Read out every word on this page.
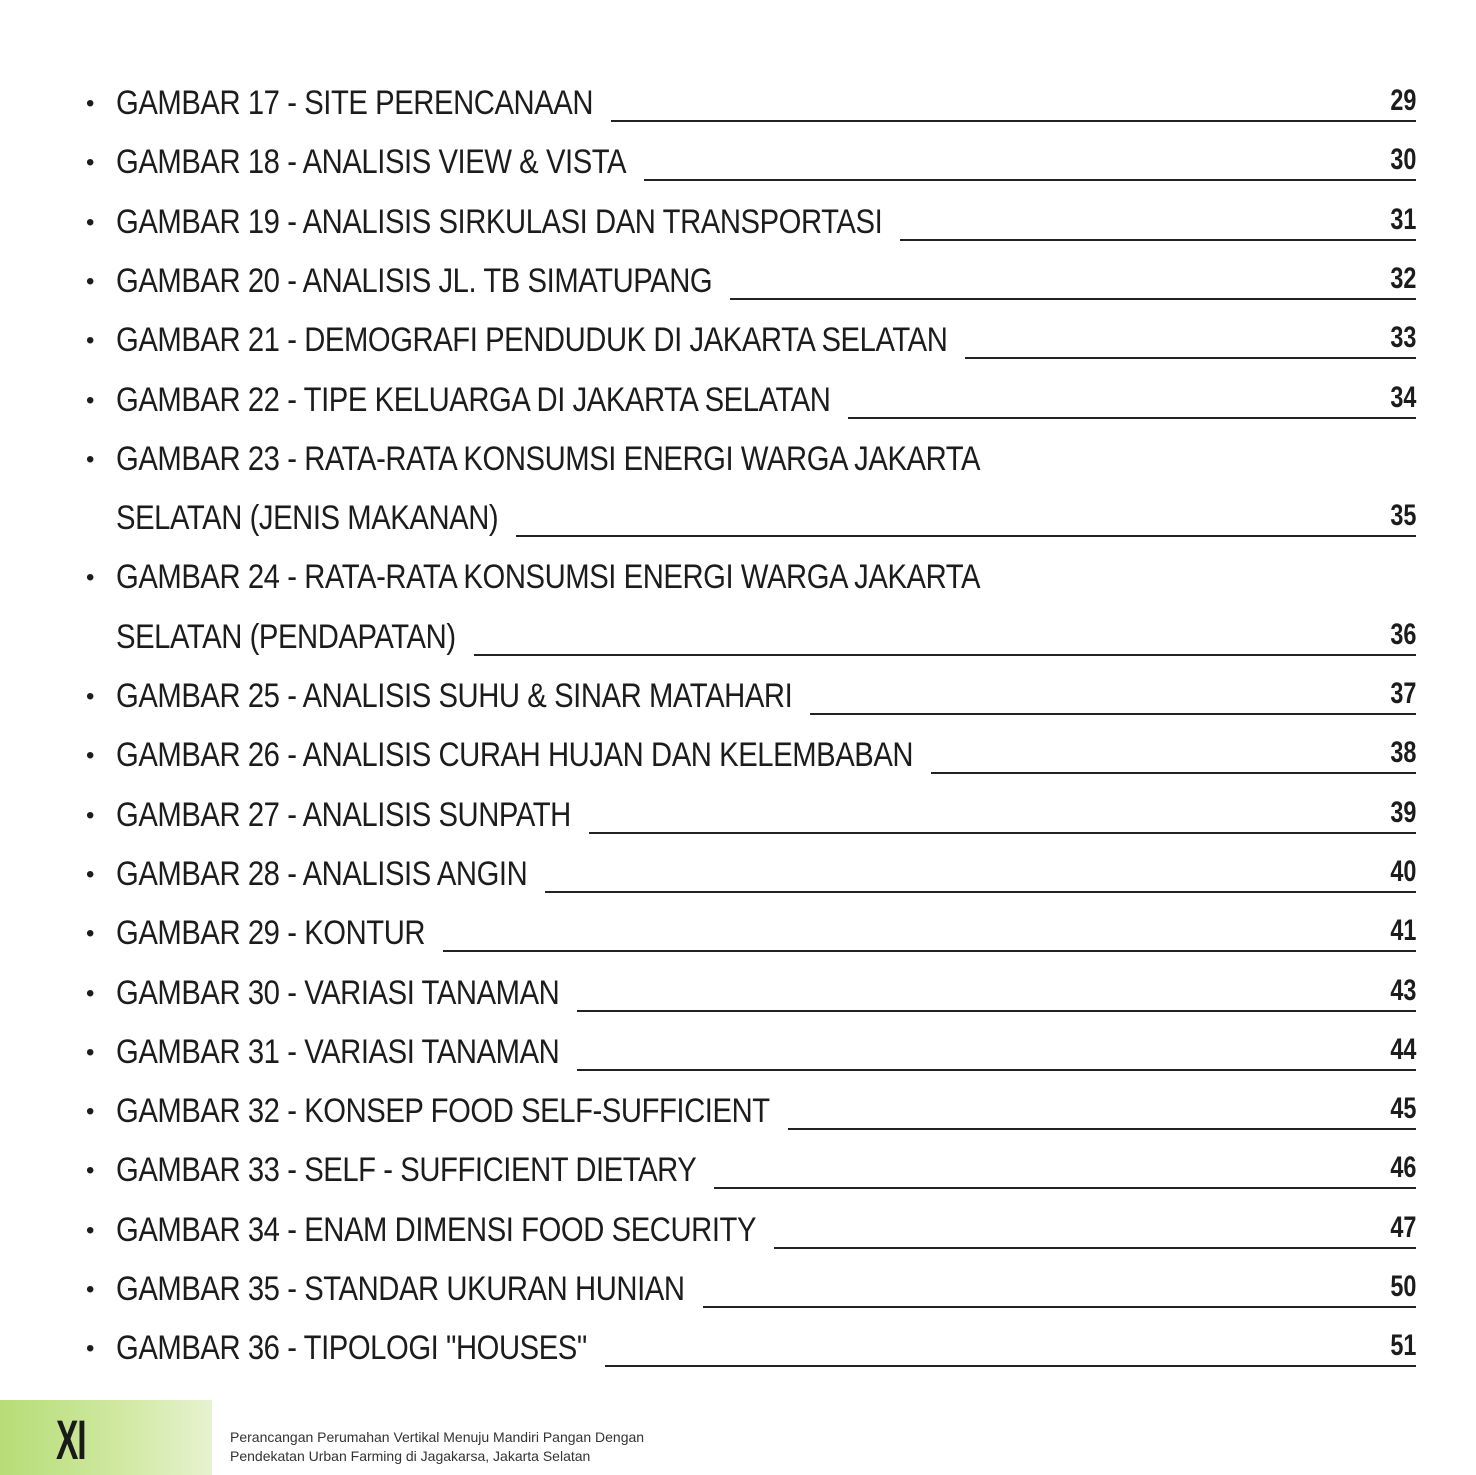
• GAMBAR 17 - SITE PERENCANAAN	29
• GAMBAR 18 - ANALISIS VIEW & VISTA	30
• GAMBAR 19 - ANALISIS SIRKULASI DAN TRANSPORTASI	31
• GAMBAR 20 - ANALISIS JL. TB SIMATUPANG	32
• GAMBAR 21 - DEMOGRAFI PENDUDUK DI JAKARTA SELATAN	33
• GAMBAR 22 - TIPE KELUARGA DI JAKARTA SELATAN	34
• GAMBAR 23 - RATA-RATA KONSUMSI ENERGI WARGA JAKARTA
SELATAN (JENIS MAKANAN)	35
• GAMBAR 24 - RATA-RATA KONSUMSI ENERGI WARGA JAKARTA
SELATAN (PENDAPATAN)	36
• GAMBAR 25 - ANALISIS SUHU & SINAR MATAHARI	37
• GAMBAR 26 - ANALISIS CURAH HUJAN DAN KELEMBABAN	38
• GAMBAR 27 - ANALISIS SUNPATH	39
• GAMBAR 28 - ANALISIS ANGIN	40
• GAMBAR 29 - KONTUR	41
• GAMBAR 30 - VARIASI TANAMAN	43
• GAMBAR 31 - VARIASI TANAMAN	44
• GAMBAR 32 - KONSEP FOOD SELF-SUFFICIENT	45
• GAMBAR 33 - SELF - SUFFICIENT DIETARY	46
• GAMBAR 34 - ENAM DIMENSI FOOD SECURITY	47
• GAMBAR 35 - STANDAR UKURAN HUNIAN	50
• GAMBAR 36 - TIPOLOGI "HOUSES"	51
XI	Perancangan Perumahan Vertikal Menuju Mandiri Pangan Dengan
Pendekatan Urban Farming di Jagakarsa, Jakarta Selatan
